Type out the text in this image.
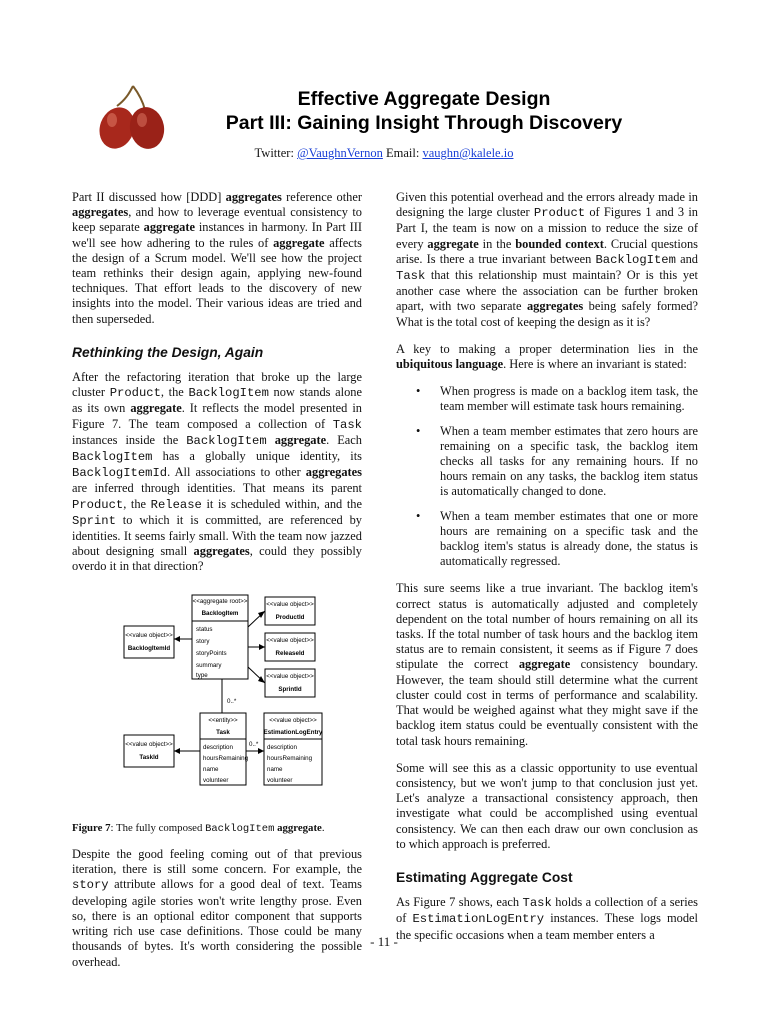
Effective Aggregate Design
Part III: Gaining Insight Through Discovery
Twitter: @VaughnVernon Email: vaughn@kalele.io

Part II discussed how [DDD] aggregates reference other aggregates, and how to leverage eventual consistency to keep separate aggregate instances in harmony. In Part III we'll see how adhering to the rules of aggregate affects the design of a Scrum model. We'll see how the project team rethinks their design again, applying new-found techniques. That effort leads to the discovery of new insights into the model. Their various ideas are tried and then superseded.

Rethinking the Design, Again

After the refactoring iteration that broke up the large cluster Product, the BacklogItem now stands alone as its own aggregate. It reflects the model presented in Figure 7. The team composed a collection of Task instances inside the BacklogItem aggregate. Each BacklogItem has a globally unique identity, its BacklogItemId. All associations to other aggregates are inferred through identities. That means its parent Product, the Release it is scheduled within, and the Sprint to which it is committed, are referenced by identities. It seems fairly small. With the team now jazzed about designing small aggregates, could they possibly overdo it in that direction?

<<aggregate root>>
BacklogItem
status
story
storyPoints
summary
type
<<value object>>
BacklogItemId
<<value object>>
ProductId
<<value object>>
ReleaseId
<<value object>>
SprintId
<<entity>>
Task
description
hoursRemaining
name
volunteer
<<value object>>
TaskId
<<value object>>
EstimationLogEntry
description
hoursRemaining
name
volunteer
0..*
0..*
Figure 7: The fully composed BacklogItem aggregate.

Despite the good feeling coming out of that previous iteration, there is still some concern. For example, the story attribute allows for a good deal of text. Teams developing agile stories won't write lengthy prose. Even so, there is an optional editor component that supports writing rich use case definitions. Those could be many thousands of bytes. It's worth considering the possible overhead.

Given this potential overhead and the errors already made in designing the large cluster Product of Figures 1 and 3 in Part I, the team is now on a mission to reduce the size of every aggregate in the bounded context. Crucial questions arise. Is there a true invariant between BacklogItem and Task that this relationship must maintain? Or is this yet another case where the association can be further broken apart, with two separate aggregates being safely formed? What is the total cost of keeping the design as it is?

A key to making a proper determination lies in the ubiquitous language. Here is where an invariant is stated:

• When progress is made on a backlog item task, the team member will estimate task hours remaining.
• When a team member estimates that zero hours are remaining on a specific task, the backlog item checks all tasks for any remaining hours. If no hours remain on any tasks, the backlog item status is automatically changed to done.
• When a team member estimates that one or more hours are remaining on a specific task and the backlog item's status is already done, the status is automatically regressed.

This sure seems like a true invariant. The backlog item's correct status is automatically adjusted and completely dependent on the total number of hours remaining on all its tasks. If the total number of task hours and the backlog item status are to remain consistent, it seems as if Figure 7 does stipulate the correct aggregate consistency boundary. However, the team should still determine what the current cluster could cost in terms of performance and scalability. That would be weighed against what they might save if the backlog item status could be eventually consistent with the total task hours remaining.

Some will see this as a classic opportunity to use eventual consistency, but we won't jump to that conclusion just yet. Let's analyze a transactional consistency approach, then investigate what could be accomplished using eventual consistency. We can then each draw our own conclusion as to which approach is preferred.

Estimating Aggregate Cost

As Figure 7 shows, each Task holds a collection of a series of EstimationLogEntry instances. These logs model the specific occasions when a team member enters a

- 11 -
